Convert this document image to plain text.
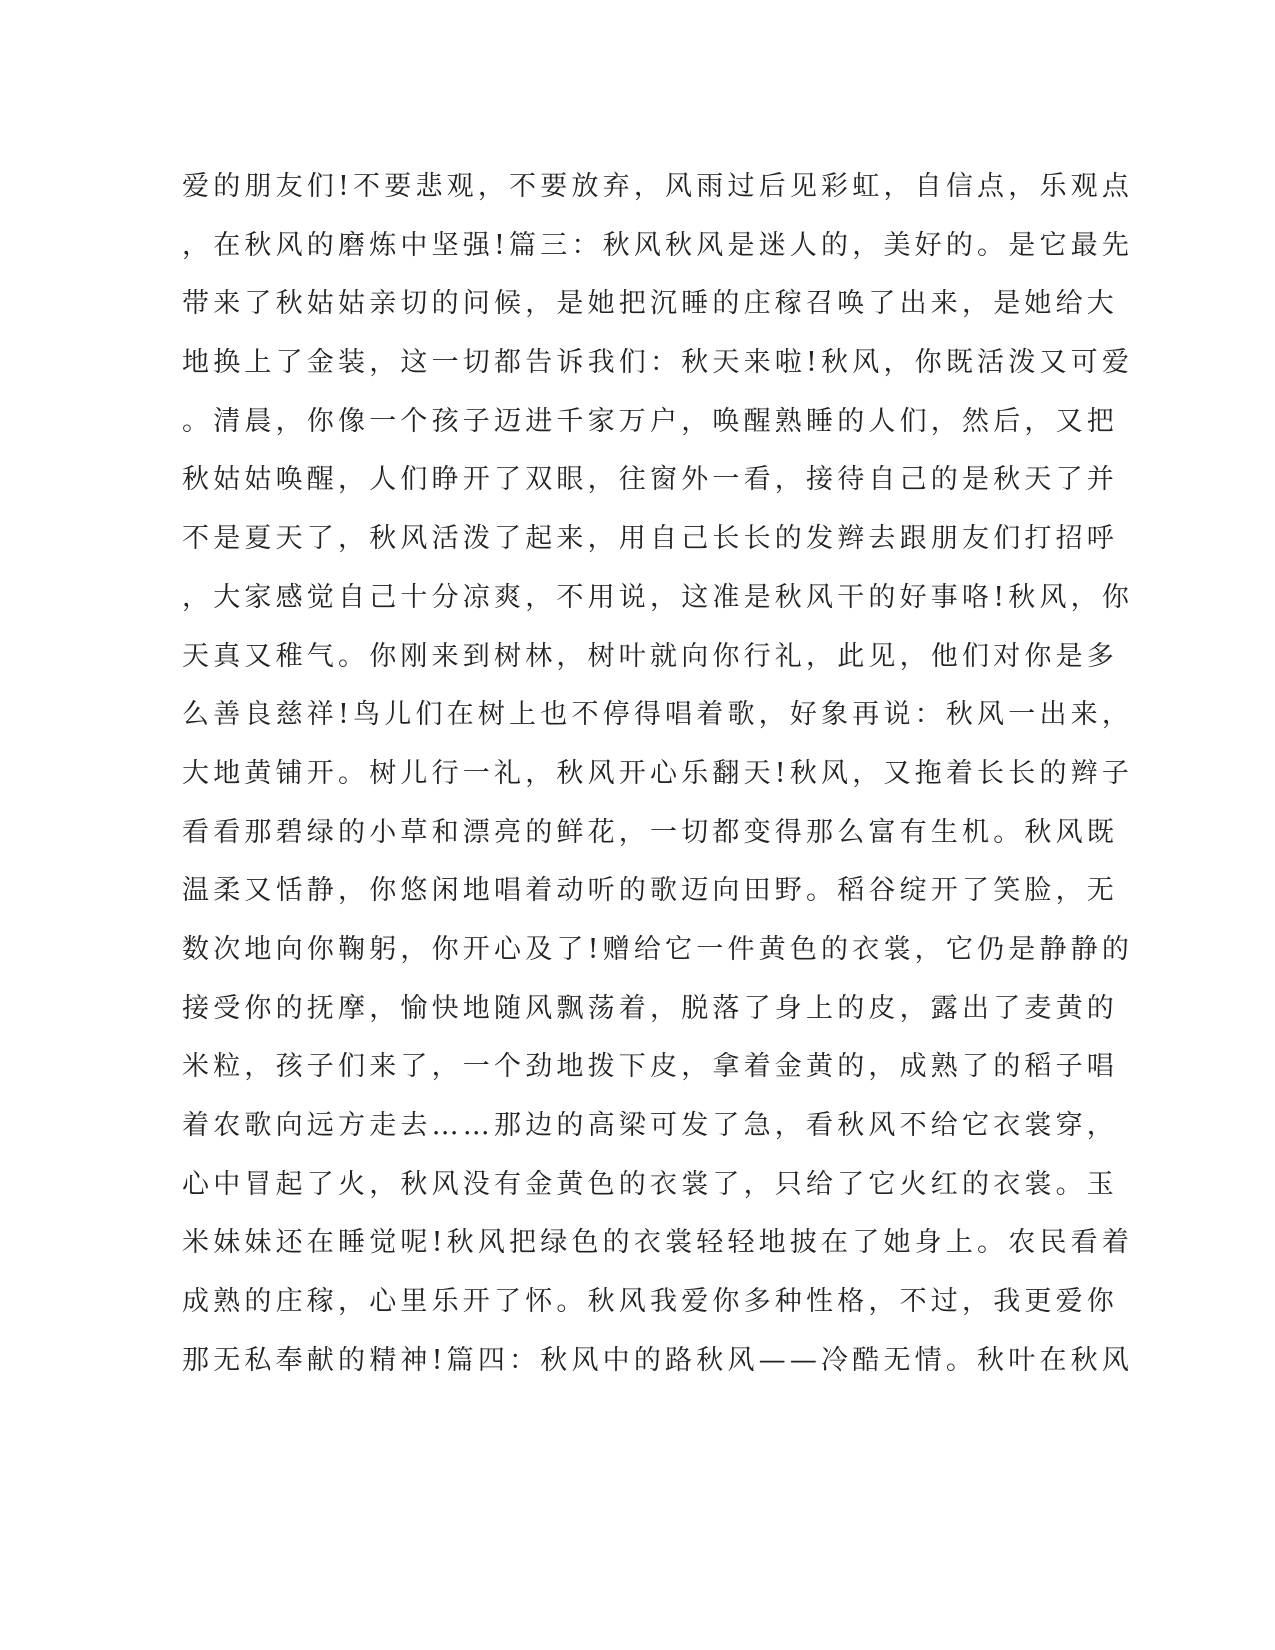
爱的朋友们!不要悲观，不要放弃，风雨过后见彩虹，自信点，乐观点
，在秋风的磨炼中坚强!篇三：秋风秋风是迷人的，美好的。是它最先
带来了秋姑姑亲切的问候，是她把沉睡的庄稼召唤了出来，是她给大
地换上了金装，这一切都告诉我们：秋天来啦!秋风，你既活泼又可爱
。清晨，你像一个孩子迈进千家万户，唤醒熟睡的人们，然后，又把
秋姑姑唤醒，人们睁开了双眼，往窗外一看，接待自己的是秋天了并
不是夏天了，秋风活泼了起来，用自己长长的发辫去跟朋友们打招呼
，大家感觉自己十分凉爽，不用说，这准是秋风干的好事咯!秋风，你
天真又稚气。你刚来到树林，树叶就向你行礼，此见，他们对你是多
么善良慈祥!鸟儿们在树上也不停得唱着歌，好象再说：秋风一出来，
大地黄铺开。树儿行一礼，秋风开心乐翻天!秋风，又拖着长长的辫子
看看那碧绿的小草和漂亮的鲜花，一切都变得那么富有生机。秋风既
温柔又恬静，你悠闲地唱着动听的歌迈向田野。稻谷绽开了笑脸，无
数次地向你鞠躬，你开心及了!赠给它一件黄色的衣裳，它仍是静静的
接受你的抚摩，愉快地随风飘荡着，脱落了身上的皮，露出了麦黄的
米粒，孩子们来了，一个劲地拨下皮，拿着金黄的，成熟了的稻子唱
着农歌向远方走去……那边的高梁可发了急，看秋风不给它衣裳穿，
心中冒起了火，秋风没有金黄色的衣裳了，只给了它火红的衣裳。玉
米妹妹还在睡觉呢!秋风把绿色的衣裳轻轻地披在了她身上。农民看着
成熟的庄稼，心里乐开了怀。秋风我爱你多种性格，不过，我更爱你
那无私奉献的精神!篇四：秋风中的路秋风——冷酷无情。秋叶在秋风
